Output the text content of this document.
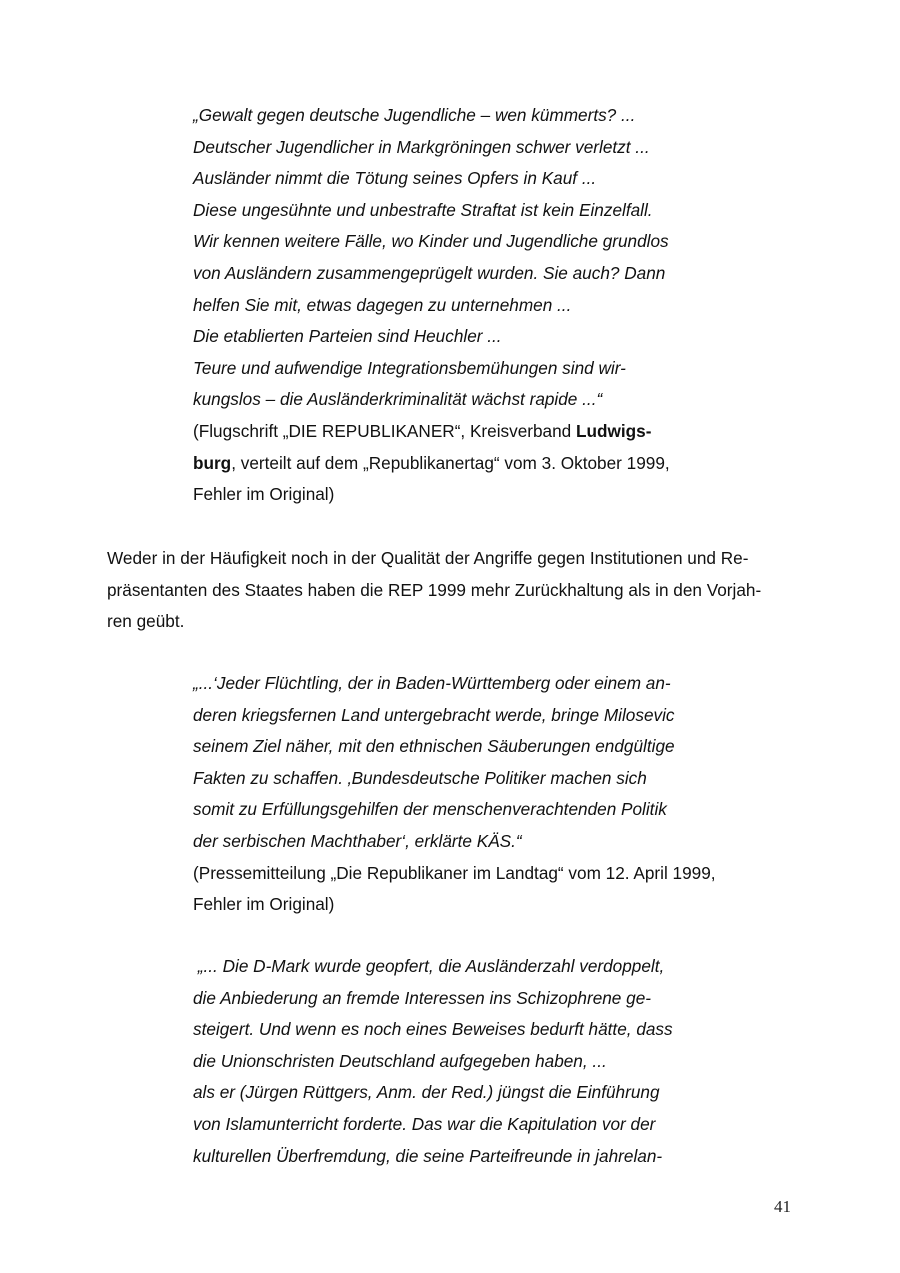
„Gewalt gegen deutsche Jugendliche – wen kümmerts? ...
Deutscher Jugendlicher in Markgröningen schwer verletzt ...
Ausländer nimmt die Tötung seines Opfers in Kauf ...
Diese ungesühnte und unbestrafte Straftat ist kein Einzelfall.
Wir kennen weitere Fälle, wo Kinder und Jugendliche grundlos
von Ausländern zusammengeprügelt wurden. Sie auch? Dann
helfen Sie mit, etwas dagegen zu unternehmen ...
Die etablierten Parteien sind Heuchler ...
Teure und aufwendige Integrationsbemühungen sind wir-
kungslos – die Ausländerkriminalität wächst rapide ...“
(Flugschrift „DIE REPUBLIKANER“, Kreisverband Ludwigs-
burg, verteilt auf dem „Republikanertag“ vom 3. Oktober 1999,
Fehler im Original)
Weder in der Häufigkeit noch in der Qualität der Angriffe gegen Institutionen und Re-
präsentanten des Staates haben die REP 1999 mehr Zurückhaltung als in den Vorjah-
ren geübt.
„...‘Jeder Flüchtling, der in Baden-Württemberg oder einem an-
deren kriegsfernen Land untergebracht werde, bringe Milosevic
seinem Ziel näher, mit den ethnischen Säuberungen endgültige
Fakten zu schaffen. ‚Bundesdeutsche Politiker machen sich
somit zu Erfüllungsgehilfen der menschenverachtenden Politik
der serbischen Machthaber‘, erklärte KÄS.“
(Pressemitteilung „Die Republikaner im Landtag“ vom 12. April 1999,
Fehler im Original)
„... Die D-Mark wurde geopfert, die Ausländerzahl verdoppelt,
die Anbiederung an fremde Interessen ins Schizophrene ge-
steigert. Und wenn es noch eines Beweises bedurft hätte, dass
die Unionschristen Deutschland aufgegeben haben, ...
als er (Jürgen Rüttgers, Anm. der Red.) jüngst die Einführung
von Islamunterricht forderte. Das war die Kapitulation vor der
kulturellen Überfremdung, die seine Parteifreunde in jahrelan-
41
